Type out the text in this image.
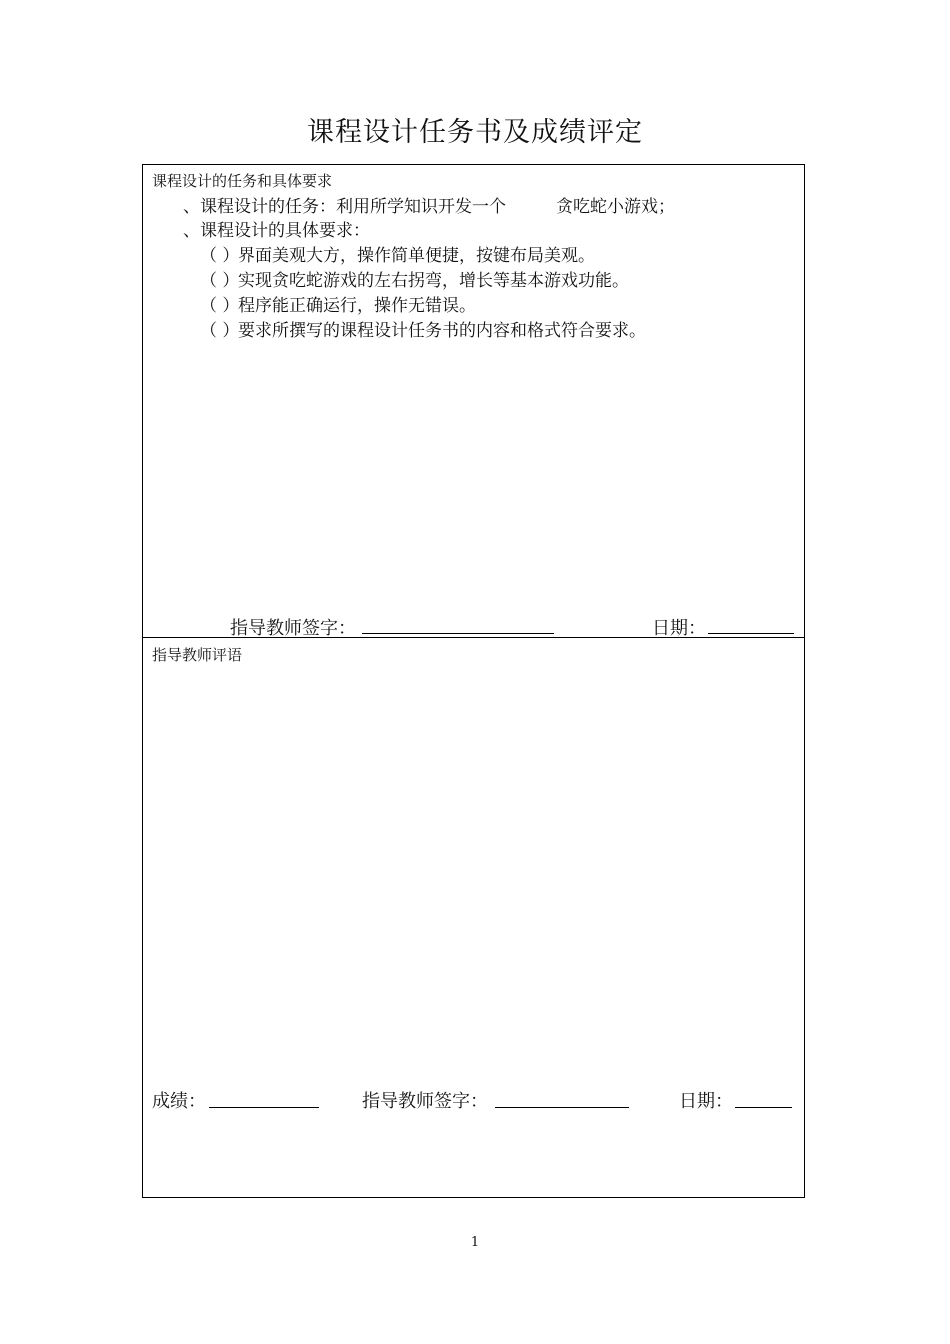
课程设计任务书及成绩评定
课程设计的任务和具体要求
、课程设计的任务：利用所学知识开发一个	贪吃蛇小游戏；
、课程设计的具体要求：
（ ）界面美观大方，操作简单便捷，按键布局美观。
（ ）实现贪吃蛇游戏的左右拐弯，增长等基本游戏功能。
（ ）程序能正确运行，操作无错误。
（ ）要求所撰写的课程设计任务书的内容和格式符合要求。
指导教师签字：	日期：
指导教师评语
成绩：	指导教师签字：	日期：
1
